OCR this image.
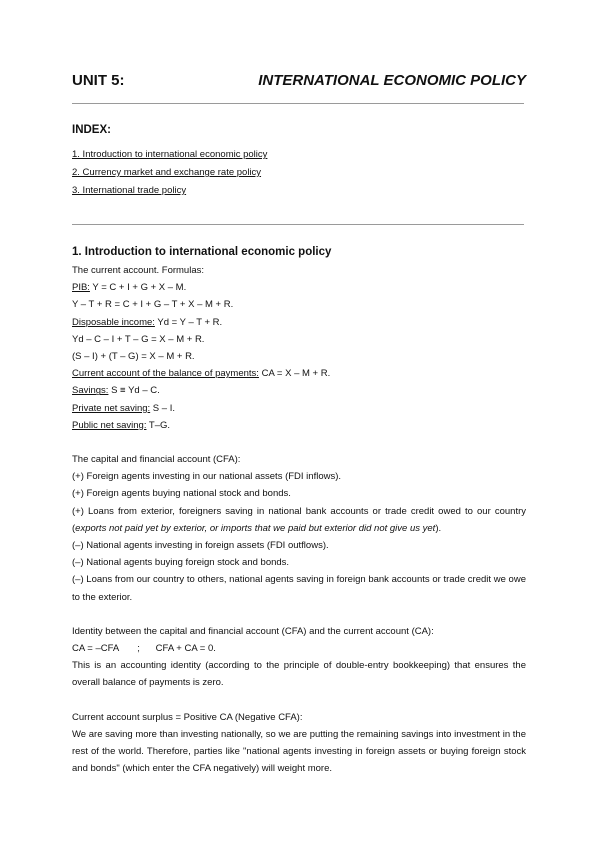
UNIT 5:	INTERNATIONAL ECONOMIC POLICY
INDEX:
1. Introduction to international economic policy
2. Currency market and exchange rate policy
3. International trade policy
1. Introduction to international economic policy

The current account. Formulas:

PIB: Y = C + I + G + X – M.

Y – T + R = C + I + G – T + X – M + R.

Disposable income: Yd = Y – T + R.

Yd – C – I + T – G = X – M + R.

(S – I) + (T – G) = X – M + R.

Current account of the balance of payments: CA = X – M + R.

Savings: S ≡ Yd – C.

Private net saving: S – I.

Public net saving: T–G.

The capital and financial account (CFA):

(+) Foreign agents investing in our national assets (FDI inflows).

(+) Foreign agents buying national stock and bonds.

(+) Loans from exterior, foreigners saving in national bank accounts or trade credit owed to our country (exports not paid yet by exterior, or imports that we paid but exterior did not give us yet).

(–) National agents investing in foreign assets (FDI outflows).

(–) National agents buying foreign stock and bonds.

(–) Loans from our country to others, national agents saving in foreign bank accounts or trade credit we owe to the exterior.

Identity between the capital and financial account (CFA) and the current account (CA):

CA = –CFA       ;      CFA + CA = 0.

This is an accounting identity (according to the principle of double-entry bookkeeping) that ensures the overall balance of payments is zero.

Current account surplus = Positive CA (Negative CFA):

We are saving more than investing nationally, so we are putting the remaining savings into investment in the rest of the world. Therefore, parties like "national agents investing in foreign assets or buying foreign stock and bonds" (which enter the CFA negatively) will weight more.
